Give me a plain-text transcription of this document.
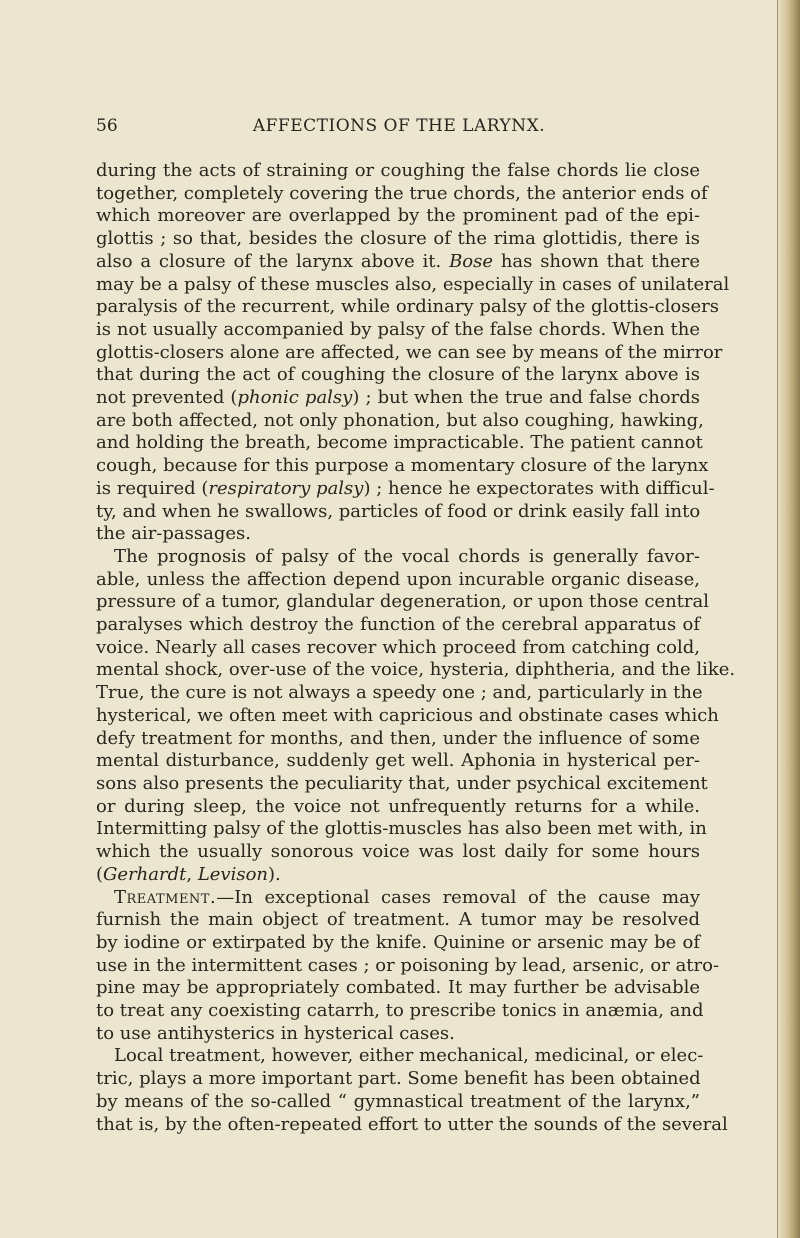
56	AFFECTIONS OF THE LARYNX.
during the acts of straining or coughing the false chords lie close
together, completely covering the true chords, the anterior ends of
which moreover are overlapped by the prominent pad of the epi-
glottis ; so that, besides the closure of the rima glottidis, there is
also a closure of the larynx above it. Bose has shown that there
may be a palsy of these muscles also, especially in cases of unilateral
paralysis of the recurrent, while ordinary palsy of the glottis-closers
is not usually accompanied by palsy of the false chords. When the
glottis-closers alone are affected, we can see by means of the mirror
that during the act of coughing the closure of the larynx above is
not prevented (phonic palsy) ; but when the true and false chords
are both affected, not only phonation, but also coughing, hawking,
and holding the breath, become impracticable. The patient cannot
cough, because for this purpose a momentary closure of the larynx
is required (respiratory palsy) ; hence he expectorates with difficul-
ty, and when he swallows, particles of food or drink easily fall into
the air-passages.
The prognosis of palsy of the vocal chords is generally favor-
able, unless the affection depend upon incurable organic disease,
pressure of a tumor, glandular degeneration, or upon those central
paralyses which destroy the function of the cerebral apparatus of
voice. Nearly all cases recover which proceed from catching cold,
mental shock, over-use of the voice, hysteria, diphtheria, and the like.
True, the cure is not always a speedy one ; and, particularly in the
hysterical, we often meet with capricious and obstinate cases which
defy treatment for months, and then, under the influence of some
mental disturbance, suddenly get well. Aphonia in hysterical per-
sons also presents the peculiarity that, under psychical excitement
or during sleep, the voice not unfrequently returns for a while.
Intermitting palsy of the glottis-muscles has also been met with, in
which the usually sonorous voice was lost daily for some hours
(Gerhardt, Levison).
Treatment.—In exceptional cases removal of the cause may
furnish the main object of treatment. A tumor may be resolved
by iodine or extirpated by the knife. Quinine or arsenic may be of
use in the intermittent cases ; or poisoning by lead, arsenic, or atro-
pine may be appropriately combated. It may further be advisable
to treat any coexisting catarrh, to prescribe tonics in anæmia, and
to use antihysterics in hysterical cases.
Local treatment, however, either mechanical, medicinal, or elec-
tric, plays a more important part. Some benefit has been obtained
by means of the so-called “ gymnastical treatment of the larynx,”
that is, by the often-repeated effort to utter the sounds of the several
